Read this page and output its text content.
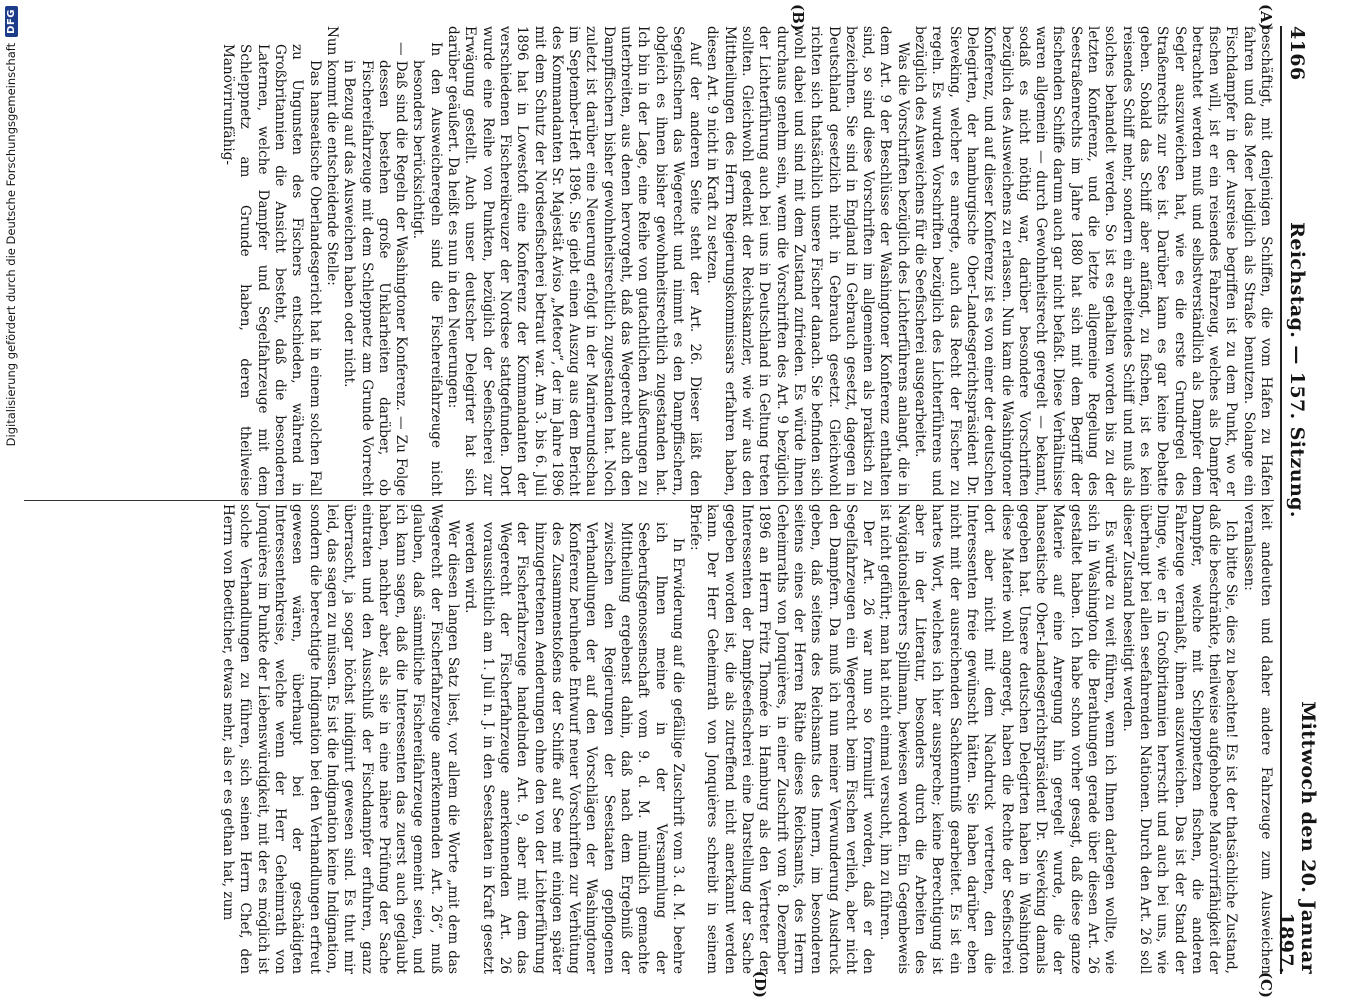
4166
Reichstag. — 157. Sitzung.
Mittwoch den 20. Januar 1897.
(A)
(B)

beschäftigt, mit denjenigen Schiffen, die vom Hafen zu Hafen fahren und das Meer lediglich als Straße benutzen. Solange ein Fischdampfer in der Ausreise begriffen ist zu dem Punkt, wo er fischen will, ist er ein reisendes Fahrzeug, welches als Dampfer betrachtet werden muß und selbstverständlich als Dampfer dem Segler auszuweichen hat, wie es die erste Grundregel des Straßenrechts zur See ist. Darüber kann es gar keine Debatte geben. Sobald das Schiff aber anfängt, zu fischen, ist es kein reisendes Schiff mehr, sondern ein arbeitendes Schiff und muß als solches behandelt werden. So ist es gehalten worden bis zu der letzten Konferenz, und die letzte allgemeine Regelung des Seestraßenrechts im Jahre 1880 hat sich mit dem Begriff der fischenden Schiffe darum auch gar nicht befaßt. Diese Verhältnisse waren allgemein — durch Gewohnheitsrecht geregelt — bekannt, sodaß es nicht nöthig war, darüber besondere Vorschriften bezüglich des Ausweichens zu erlassen. Nun kam die Washingtoner Konferenz, und auf dieser Konferenz ist es von einer der deutschen Delegirten, der hamburgische Ober-Landesgerichtspräsident Dr. Sieveking, welcher es anregte, auch das Recht der Fischer zu regeln. Es wurden Vorschriften bezüglich des Lichterführens und bezüglich des Ausweichens für die Seefischerei ausgearbeitet.

Was die Vorschriften bezüglich des Lichterführens anlangt, die in dem Art. 9 der Beschlüsse der Washingtoner Konferenz enthalten sind, so sind diese Vorschriften im allgemeinen als praktisch zu bezeichnen. Sie sind in England in Gebrauch gesetzt, dagegen in Deutschland gesetzlich nicht in Gebrauch gesetzt. Gleichwohl richten sich thatsächlich unsere Fischer danach. Sie befinden sich wohl dabei und sind mit dem Zustand zufrieden. Es würde ihnen durchaus genehm sein, wenn die Vorschriften des Art. 9 bezüglich der Lichterführung auch bei uns in Deutschland in Geltung treten sollten. Gleichwohl gedenkt der Reichskanzler, wie wir aus den Mittheilungen des Herrn Regierungskommissars erfahren haben, diesen Art. 9 nicht in Kraft zu setzen.

Auf der anderen Seite steht der Art. 26. Dieser läßt den Segelfischern das Wegerecht und nimmt es den Dampffischern, obgleich es ihnen bisher gewohnheitsrechtlich zugestanden hat. Ich bin in der Lage, eine Reihe von gutachtlichen Äußerungen zu unterbreiten, aus denen hervorgeht, daß das Wegerecht auch den Dampffischern bisher gewohnheitsrechtlich zugestanden hat. Noch zuletzt ist darüber eine Neuerung erfolgt in der Marinerundschau im September-Heft 1896. Sie giebt einen Auszug aus dem Bericht des Kommandanten Sr. Majestät Aviso „Meteor“, der im Jahre 1896 mit dem Schutz der Nordseefischerei betraut war. Am 3. bis 6. Juli 1896 hat in Lowestoft eine Konferenz der Kommandanten der verschiedenen Fischereikreuzer der Nordsee stattgefunden. Dort wurde eine Reihe von Punkten, bezüglich der Seefischerei zur Erwägung gestellt. Auch unser deutscher Delegirter hat sich darüber geäußert. Da heißt es nun in den Neuerungen:

In den Ausweicheregeln sind die Fischereifahrzeuge nicht besonders berücksichtigt.

— Daß sind die Regeln der Washingtoner Konferenz. — Zu Folge dessen bestehen große Unklarheiten darüber, ob Fischereifahrzeuge mit dem Schleppnetz am Grunde Vorrecht in Bezug auf das Ausweichen haben oder nicht.

Nun kommt die entscheidende Stelle:

Das hanseatische Oberlandesgericht hat in einem solchen Fall zu Ungunsten des Fischers entschieden, während in Großbritannien die Ansicht besteht, daß die besonderen Laternen, welche Dampfer und Segelfahrzeuge mit dem Schleppnetz am Grunde haben, deren theilweise Manövrirunfähig-

(C)
(D)

keit andeuten und daher andere Fahrzeuge zum Ausweichen veranlassen:

Ich bitte Sie, dies zu beachten! Es ist der thatsächliche Zustand, daß die beschränkte, theilweise aufgehobene Manövrirfähigkeit der Dampfer, welche mit Schleppnetzen fischen, die anderen Fahrzeuge veranlaßt, ihnen auszuweichen. Das ist der Stand der Dinge, wie er in Großbritannien herrscht und auch bei uns, wie überhaupt bei allen seefahrenden Nationen. Durch den Art. 26 soll dieser Zustand beseitigt werden.

Es würde zu weit führen, wenn ich Ihnen darlegen wollte, wie sich in Washington die Berathungen gerade über diesen Art. 26 gestaltet haben. Ich habe schon vorher gesagt, daß diese ganze Materie auf eine Anregung hin geregelt wurde, die der hanseatische Ober-Landesgerichtspräsident Dr. Sieveking damals gegeben hat. Unsere deutschen Delegirten haben in Washington diese Materie wohl angeregt, haben die Rechte der Seefischerei dort aber nicht mit dem Nachdruck vertreten, den die Interessenten freie gewünscht hätten. Sie haben darüber eben nicht mit der ausreichenden Sachkenntniß gearbeitet. Es ist ein hartes Wort, welches ich hier ausspreche; keine Berechtigung ist aber in der Literatur, besonders durch die Arbeiten des Navigationslehrers Spillmann, bewiesen worden. Ein Gegenbeweis ist nicht geführt; man hat nicht einmal versucht, ihn zu führen.

Der Art. 26 war nun so formulirt worden, daß er den Segelfahrzeugen ein Wegerecht beim Fischen verlieh, aber nicht den Dampfern. Da muß ich nun meiner Verwunderung Ausdruck geben, daß seitens des Reichsamts des Innern, im besonderen seitens eines der Herren Räthe dieses Reichsamts, des Herrn Geheimraths von Jonquières, in einer Zuschrift vom 8. Dezember 1896 an Herrn Fritz Thomée in Hamburg als den Vertreter der Interessenten der Dampfseefischerei eine Darstellung der Sache gegeben worden ist, die als zutreffend nicht anerkannt werden kann. Der Herr Geheimrath von Jonquières schreibt in seinem Briefe:

In Erwiderung auf die gefällige Zuschrift vom 3. d. M. beehre ich Ihnen meine in der Versammlung der Seeberufsgenossenschaft vom 9. d. M. mündlich gemachte Mittheilung ergebenst dahin, daß nach dem Ergebniß der zwischen den Regierungen der Seestaaten gepflogenen Verhandlungen der auf den Vorschlägen der Washingtoner Konferenz beruhende Entwurf neuer Vorschriften zur Verhütung des Zusammenstoßens der Schiffe auf See mit einigen später hinzugetretenen Aenderungen ohne den von der Lichterführung der Fischerfahrzeuge handelnden Art. 9, aber mit dem das Wegerecht der Fischerfahrzeuge anerkennenden Art. 26 voraussichtlich am 1. Juli n. J. in den Seestaaten in Kraft gesetzt werden wird.

Wer diesen langen Satz liest, vor allem die Worte „mit dem das Wegerecht der Fischerfahrzeuge anerkennenden Art. 26“, muß glauben, daß sämmtliche Fischereifahrzeuge gemeint seien, und ich kann sagen, daß die Interessenten das zuerst auch geglaubt haben, nachher aber, als sie in eine nähere Prüfung der Sache eintraten und den Ausschluß der Fischdampfer erfuhren, ganz überrascht, ja sogar höchst indignirt gewesen sind. Es thut mir leid, das sagen zu müssen. Es ist die Indignation keine Indignation, sondern die berechtigte Indignation bei den Verhandlungen erfreut gewesen wären, überhaupt bei der geschädigten Interessentenkreise, welche wenn der Herr Geheimrath von Jonquières im Punkte der Liebenswürdigkeit, mit der es möglich ist solche Verhandlungen zu führen, sich seinen Herrn Chef, den Herrn von Boetticher, etwas mehr, als er es gethan hat, zum

Digitalisierung gefördert durch die Deutsche Forschungsgemeinschaft
DFG
